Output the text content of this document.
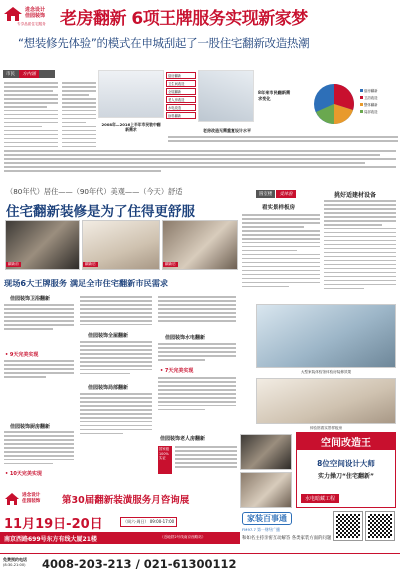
进念设计
佳园装饰
专享品质住宅服务 老房翻新 6项王牌服务实现新家梦
“想装修先体验”的模式在申城刮起了一股住宅翻新改造热潮
市民 方内涵
2008年—2016上半年市民装中翻新需求
厨房翻新
卫生间改造
全屋翻新
老人房改造
水电改造
涂料翻新
老房改造无需重复设计水平
8年来市民翻新需求变化
厨房翻新
卫浴改造
整体翻新
局部改造
（80年代）居住——（90年代）美观——（今天）舒适
住宅翻新装修是为了住得更舒服
翻新前	翻新后	翻新后
圆室楼 受体验	挑好适建材设备
看实景样板房
现场6大王牌服务 满足全市住宅翻新市民需求
佳园装饰卫浴翻新
• 9天完美实现
佳园装饰厨房翻新
• 10天完美实现
佳园装饰全屋翻新
佳园装饰局部翻新
佳园装饰老人房翻新
佳园装饰水电翻新
• 7天完美实现
国家级 100%实证
大型家装体验馆体验房装修效果
体验馆看实景样板房
空间改造王
8位空间设计大师
实力操刀“住宅翻新”
水电暗藏工程
进念设计
佳园装饰 第30届翻新装潢服务月咨询展
11月19日-20日	（周六-周日） 09:00-17:00
南京西路699号东方有线大厦21楼	（近地铁2号线南京西路站）
家装百事通
FM97.7 第一财经广播
和如名主持亲密互动解答 各类家装方面的问题
免费预约电话
(8:30-21:00) 4008-203-213 / 021-61300112
